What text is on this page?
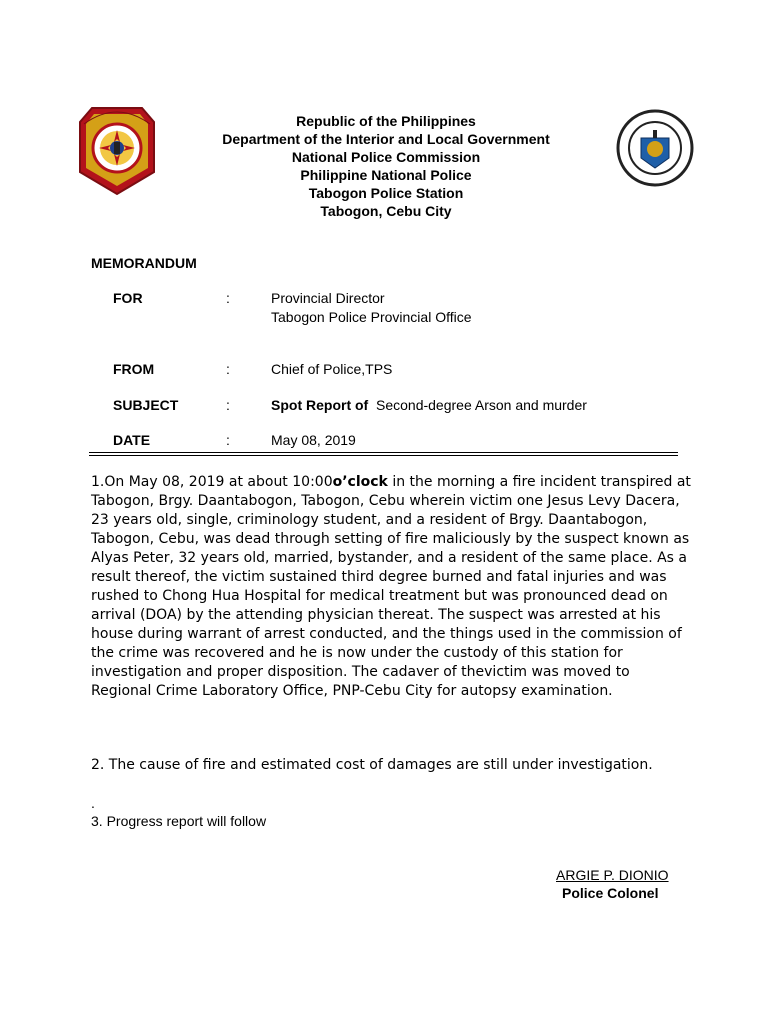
Republic of the Philippines
Department of the Interior and Local Government
National Police Commission
Philippine National Police
Tabogon Police Station
Tabogon, Cebu City
MEMORANDUM
FOR	:	Provincial Director
Tabogon Police Provincial Office
FROM	:	Chief of Police,TPS
SUBJECT	:	Spot Report of Second-degree Arson and murder
DATE	:	May 08, 2019
1.On May 08, 2019 at about 10:00o’clock in the morning a fire incident transpired at Tabogon, Brgy. Daantabogon, Tabogon, Cebu wherein victim one Jesus Levy Dacera, 23 years old, single, criminology student, and a resident of Brgy. Daantabogon, Tabogon, Cebu, was dead through setting of fire maliciously by the suspect known as Alyas Peter, 32 years old, married, bystander, and a resident of the same place. As a result thereof, the victim sustained third degree burned and fatal injuries and was rushed to Chong Hua Hospital for medical treatment but was pronounced dead on arrival (DOA) by the attending physician thereat. The suspect was arrested at his house during warrant of arrest conducted, and the things used in the commission of the crime was recovered and he is now under the custody of this station for investigation and proper disposition. The cadaver of thevictim was moved to Regional Crime Laboratory Office, PNP-Cebu City for autopsy examination.
2. The cause of fire and estimated cost of damages are still under investigation.
.
3. Progress report will follow
ARGIE P. DIONIO
Police Colonel
